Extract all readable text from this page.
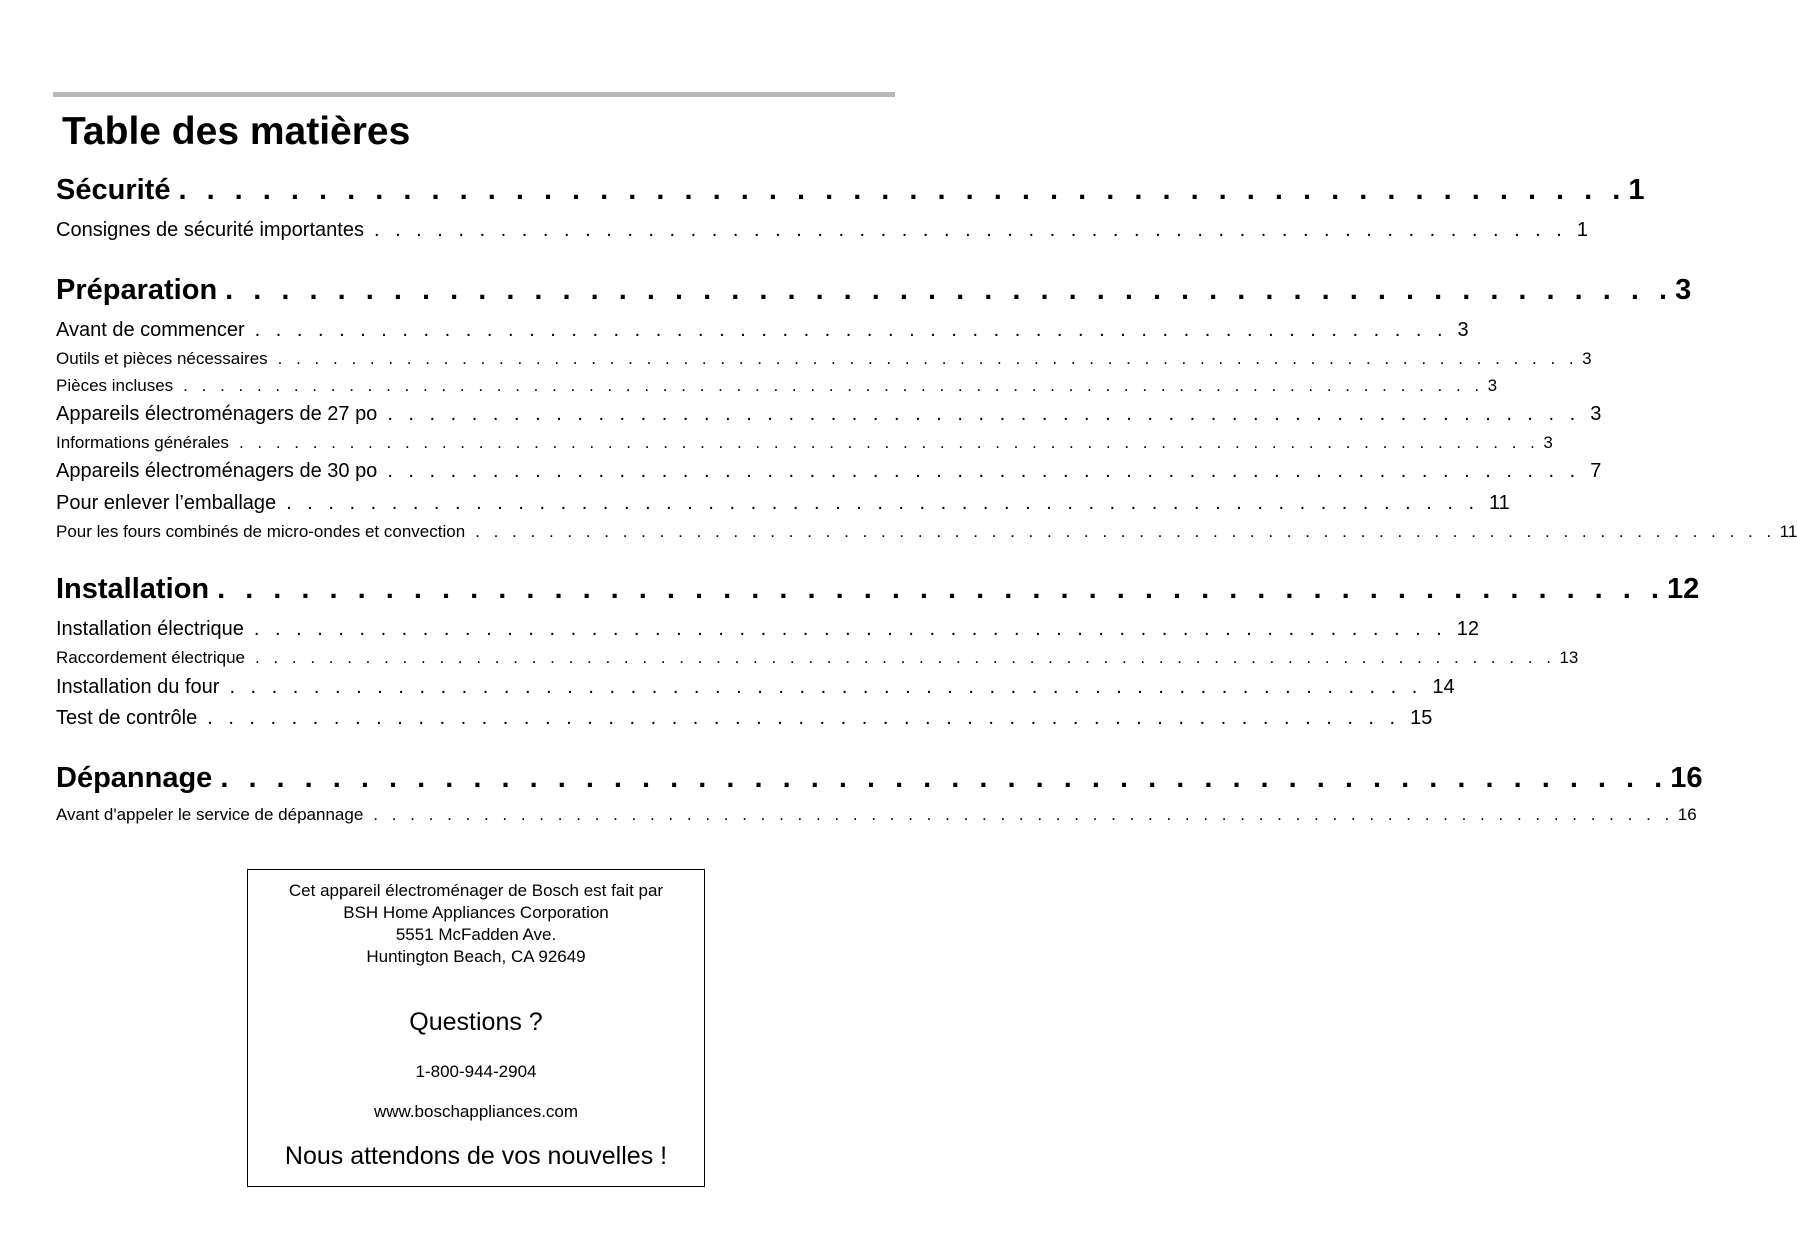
Table des matières
Sécurité . . . . . . . . . . . . . . . . . . . . . . . . . . . . . . . . . . . . . . . . . . . . . . . . . . . . 1
Consignes de sécurité importantes . . . . . . . . . . . . . . . . . . . . . . . . . . . . . . . . . . . . . . . . . . . . . . . . . . . . . . . . . 1
Préparation . . . . . . . . . . . . . . . . . . . . . . . . . . . . . . . . . . . . . . . . . . . . . . . . . . . . 3
Avant de commencer . . . . . . . . . . . . . . . . . . . . . . . . . . . . . . . . . . . . . . . . . . . . . . . . . . . . . . . . . 3
Outils et pièces nécessaires . . . . . . . . . . . . . . . . . . . . . . . . . . . . . . . . . . . . . . . . . . . . . . . . . . . . . . . . . . . . . . . . . . . . . . . 3
Pièces incluses . . . . . . . . . . . . . . . . . . . . . . . . . . . . . . . . . . . . . . . . . . . . . . . . . . . . . . . . . . . . . . . . . . . . . . . 3
Appareils électroménagers de 27 po . . . . . . . . . . . . . . . . . . . . . . . . . . . . . . . . . . . . . . . . . . . . . . . . . . . . . . . . . 3
Informations générales . . . . . . . . . . . . . . . . . . . . . . . . . . . . . . . . . . . . . . . . . . . . . . . . . . . . . . . . . . . . . . . . . . . . . . . 3
Appareils électroménagers de 30 po . . . . . . . . . . . . . . . . . . . . . . . . . . . . . . . . . . . . . . . . . . . . . . . . . . . . . . . . . 7
Pour enlever l’emballage . . . . . . . . . . . . . . . . . . . . . . . . . . . . . . . . . . . . . . . . . . . . . . . . . . . . . . . . . 11
Pour les fours combinés de micro-ondes et convection . . . . . . . . . . . . . . . . . . . . . . . . . . . . . . . . . . . . . . . . . . . . . . . . . . . . . . . . . . . . . . . . . . . . . . . 11
Installation . . . . . . . . . . . . . . . . . . . . . . . . . . . . . . . . . . . . . . . . . . . . . . . . . . . . 12
Installation électrique . . . . . . . . . . . . . . . . . . . . . . . . . . . . . . . . . . . . . . . . . . . . . . . . . . . . . . . . . 12
Raccordement électrique . . . . . . . . . . . . . . . . . . . . . . . . . . . . . . . . . . . . . . . . . . . . . . . . . . . . . . . . . . . . . . . . . . . . . . . 13
Installation du four . . . . . . . . . . . . . . . . . . . . . . . . . . . . . . . . . . . . . . . . . . . . . . . . . . . . . . . . . 14
Test de contrôle . . . . . . . . . . . . . . . . . . . . . . . . . . . . . . . . . . . . . . . . . . . . . . . . . . . . . . . . . 15
Dépannage . . . . . . . . . . . . . . . . . . . . . . . . . . . . . . . . . . . . . . . . . . . . . . . . . . . . 16
Avant d'appeler le service de dépannage . . . . . . . . . . . . . . . . . . . . . . . . . . . . . . . . . . . . . . . . . . . . . . . . . . . . . . . . . . . . . . . . . . . . . . . 16
Cet appareil électroménager de Bosch est fait par
BSH Home Appliances Corporation
5551 McFadden Ave.
Huntington Beach, CA 92649
Questions ?
1-800-944-2904
www.boschappliances.com
Nous attendons de vos nouvelles !
